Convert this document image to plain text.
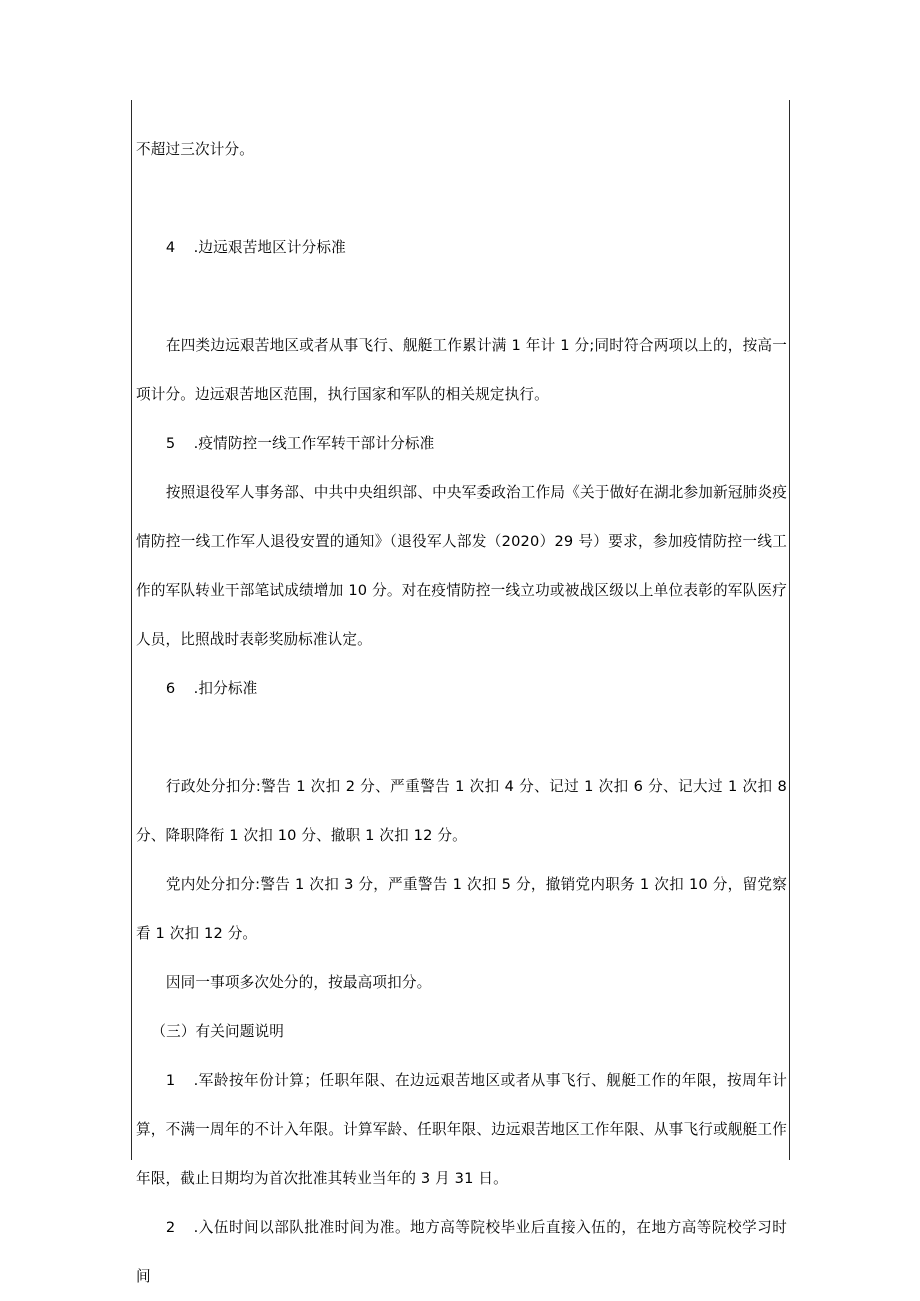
不超过三次计分。
4 .边远艰苦地区计分标准
在四类边远艰苦地区或者从事飞行、舰艇工作累计满 1 年计 1 分;同时符合两项以上的，按高一项计分。边远艰苦地区范围，执行国家和军队的相关规定执行。
5 .疫情防控一线工作军转干部计分标准
按照退役军人事务部、中共中央组织部、中央军委政治工作局《关于做好在湖北参加新冠肺炎疫情防控一线工作军人退役安置的通知》（退役军人部发（2020）29 号）要求，参加疫情防控一线工作的军队转业干部笔试成绩增加 10 分。对在疫情防控一线立功或被战区级以上单位表彰的军队医疗人员，比照战时表彰奖励标准认定。
6 .扣分标准
行政处分扣分:警告 1 次扣 2 分、严重警告 1 次扣 4 分、记过 1 次扣 6 分、记大过 1 次扣 8 分、降职降衔 1 次扣 10 分、撤职 1 次扣 12 分。
党内处分扣分:警告 1 次扣 3 分，严重警告 1 次扣 5 分，撤销党内职务 1 次扣 10 分，留党察看 1 次扣 12 分。
因同一事项多次处分的，按最高项扣分。
（三）有关问题说明
1 .军龄按年份计算；任职年限、在边远艰苦地区或者从事飞行、舰艇工作的年限，按周年计算，不满一周年的不计入年限。计算军龄、任职年限、边远艰苦地区工作年限、从事飞行或舰艇工作年限，截止日期均为首次批准其转业当年的 3 月 31 日。
2 .入伍时间以部队批准时间为准。地方高等院校毕业后直接入伍的，在地方高等院校学习时间
